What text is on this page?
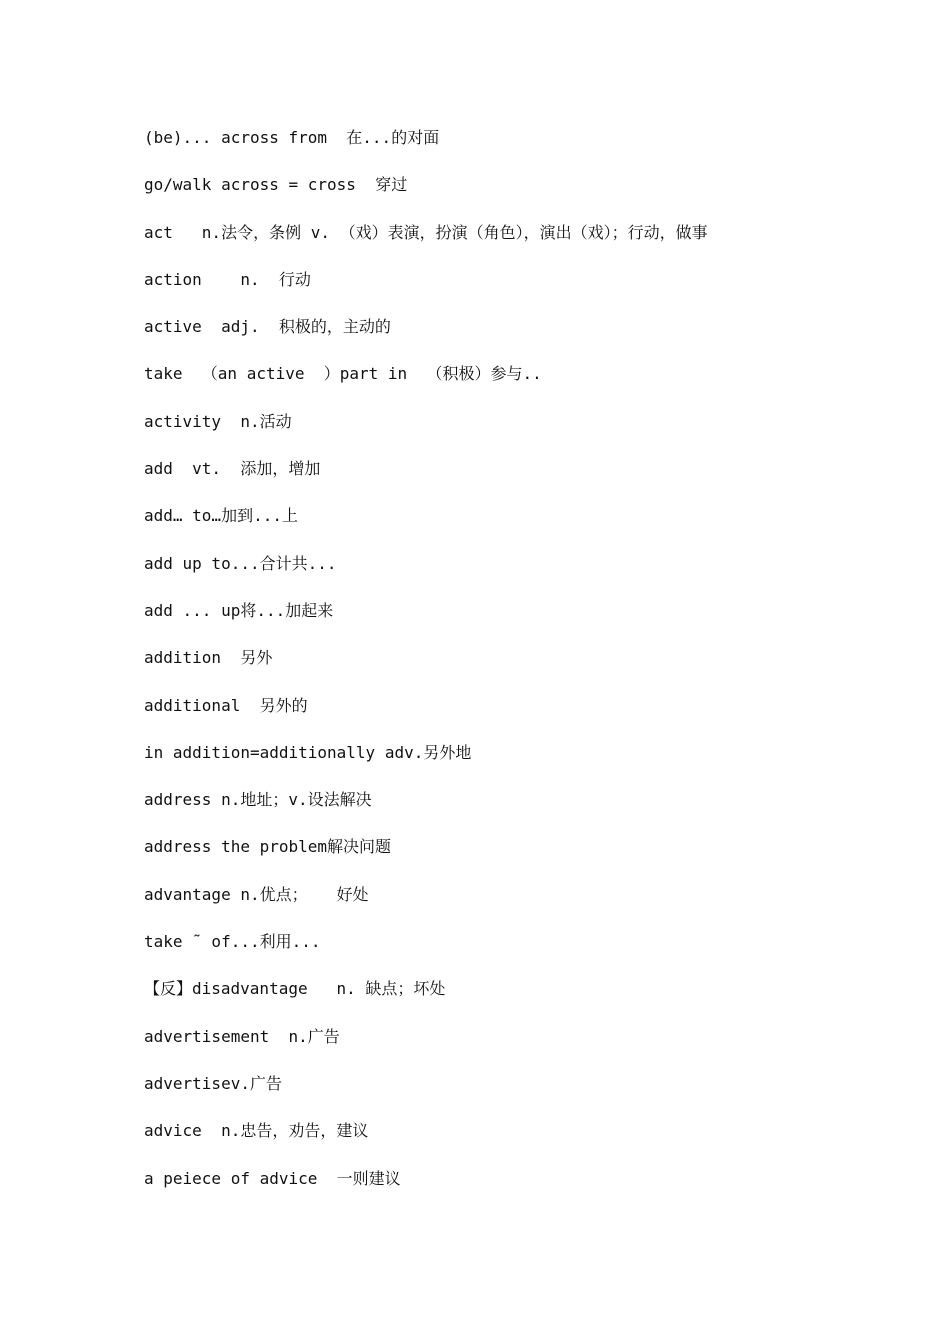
(be)... across from  在...的对面
go/walk across = cross  穿过
act   n.法令，条例 v. （戏）表演，扮演（角色），演出（戏）；行动，做事
action    n.  行动
active  adj.  积极的，主动的
take  （an active  ）part in  （积极）参与..
activity  n.活动
add  vt.  添加，增加
add… to…加到...上
add up to...合计共...
add ... up将...加起来
addition  另外
additional  另外的
in addition=additionally adv.另外地
address n.地址；v.设法解决
address the problem解决问题
advantage n.优点；   好处
take ˜ of...利用...
【反】disadvantage   n. 缺点；坏处
advertisement  n.广告
advertisev.广告
advice  n.忠告，劝告，建议
a peiece of advice  一则建议
